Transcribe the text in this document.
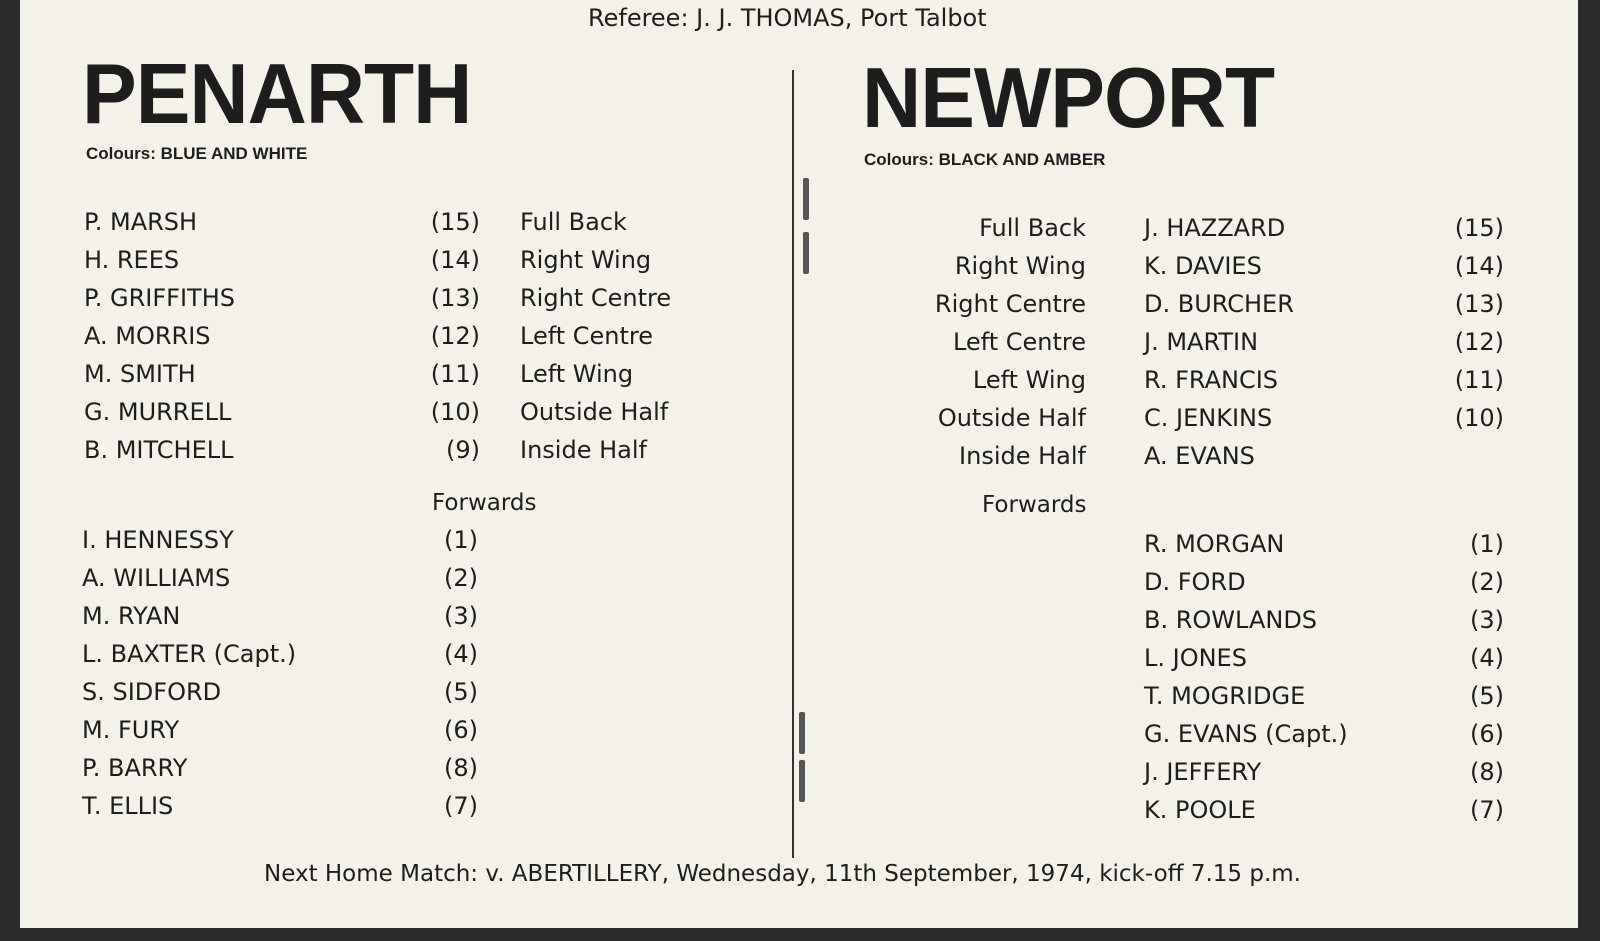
Referee: J. J. THOMAS, Port Talbot
PENARTH
Colours: BLUE AND WHITE
P. MARSH	(15) Full Back
H. REES	(14) Right Wing
P. GRIFFITHS	(13) Right Centre
A. MORRIS	(12) Left Centre
M. SMITH	(11) Left Wing
G. MURRELL	(10) Outside Half
B. MITCHELL	(9) Inside Half
Forwards
I. HENNESSY	(1)
A. WILLIAMS	(2)
M. RYAN	(3)
L. BAXTER (Capt.)	(4)
S. SIDFORD	(5)
M. FURY	(6)
P. BARRY	(8)
T. ELLIS	(7)
NEWPORT
Colours: BLACK AND AMBER
Full Back J. HAZZARD	(15)
Right Wing K. DAVIES	(14)
Right Centre D. BURCHER	(13)
Left Centre J. MARTIN	(12)
Left Wing R. FRANCIS	(11)
Outside Half C. JENKINS	(10)
Inside Half A. EVANS
Forwards
R. MORGAN	(1)
D. FORD	(2)
B. ROWLANDS	(3)
L. JONES	(4)
T. MOGRIDGE	(5)
G. EVANS (Capt.)	(6)
J. JEFFERY	(8)
K. POOLE	(7)
Next Home Match: v. ABERTILLERY, Wednesday, 11th September, 1974, kick-off 7.15 p.m.
